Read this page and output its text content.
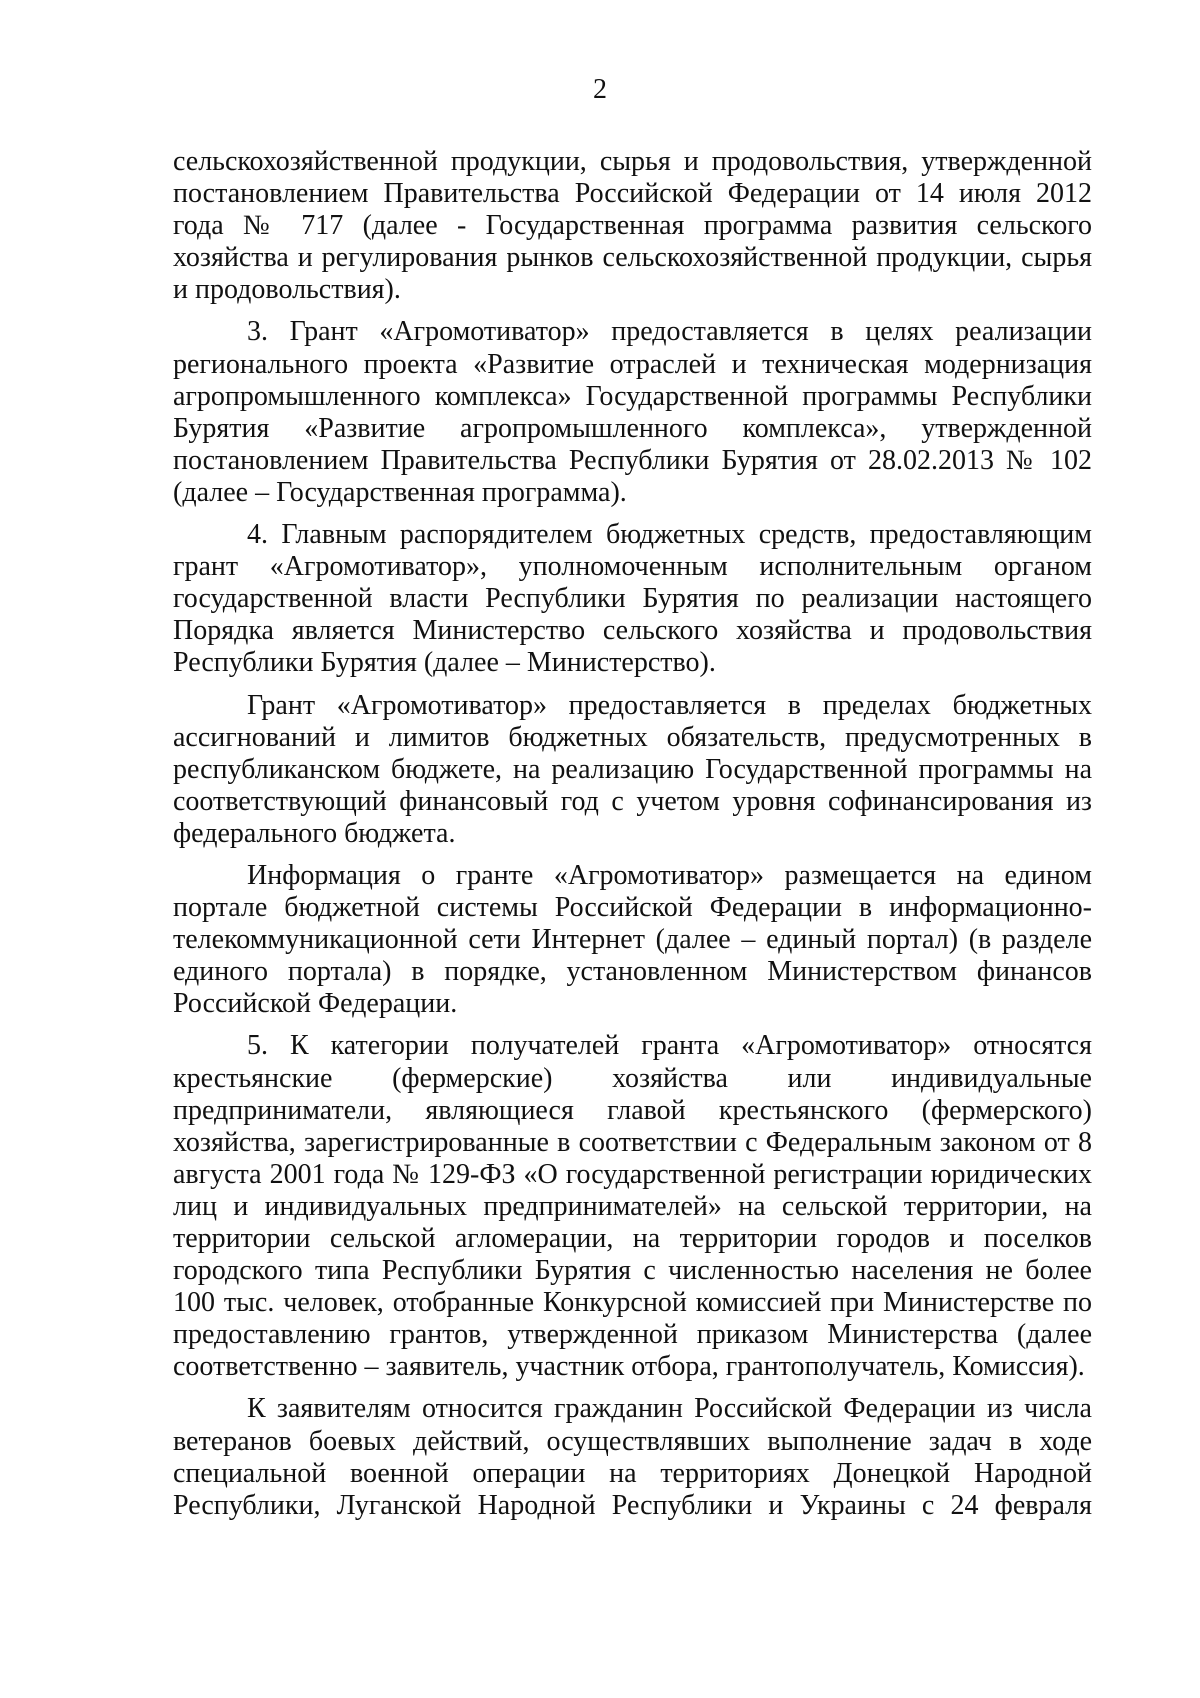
2

сельскохозяйственной продукции, сырья и продовольствия, утвержденной постановлением Правительства Российской Федерации от 14 июля 2012 года № 717 (далее - Государственная программа развития сельского хозяйства и регулирования рынков сельскохозяйственной продукции, сырья и продовольствия).

3. Грант «Агромотиватор» предоставляется в целях реализации регионального проекта «Развитие отраслей и техническая модернизация агропромышленного комплекса» Государственной программы Республики Бурятия «Развитие агропромышленного комплекса», утвержденной постановлением Правительства Республики Бурятия от 28.02.2013 № 102 (далее – Государственная программа).

4. Главным распорядителем бюджетных средств, предоставляющим грант «Агромотиватор», уполномоченным исполнительным органом государственной власти Республики Бурятия по реализации настоящего Порядка является Министерство сельского хозяйства и продовольствия Республики Бурятия (далее – Министерство).

Грант «Агромотиватор» предоставляется в пределах бюджетных ассигнований и лимитов бюджетных обязательств, предусмотренных в республиканском бюджете, на реализацию Государственной программы на соответствующий финансовый год с учетом уровня софинансирования из федерального бюджета.

Информация о гранте «Агромотиватор» размещается на едином портале бюджетной системы Российской Федерации в информационно-телекоммуникационной сети Интернет (далее – единый портал) (в разделе единого портала) в порядке, установленном Министерством финансов Российской Федерации.

5. К категории получателей гранта «Агромотиватор» относятся крестьянские (фермерские) хозяйства или индивидуальные предприниматели, являющиеся главой крестьянского (фермерского) хозяйства, зарегистрированные в соответствии с Федеральным законом от 8 августа 2001 года № 129-ФЗ «О государственной регистрации юридических лиц и индивидуальных предпринимателей» на сельской территории, на территории сельской агломерации, на территории городов и поселков городского типа Республики Бурятия с численностью населения не более 100 тыс. человек, отобранные Конкурсной комиссией при Министерстве по предоставлению грантов, утвержденной приказом Министерства (далее соответственно – заявитель, участник отбора, грантополучатель, Комиссия).

К заявителям относится гражданин Российской Федерации из числа ветеранов боевых действий, осуществлявших выполнение задач в ходе специальной военной операции на территориях Донецкой Народной Республики, Луганской Народной Республики и Украины с 24 февраля
